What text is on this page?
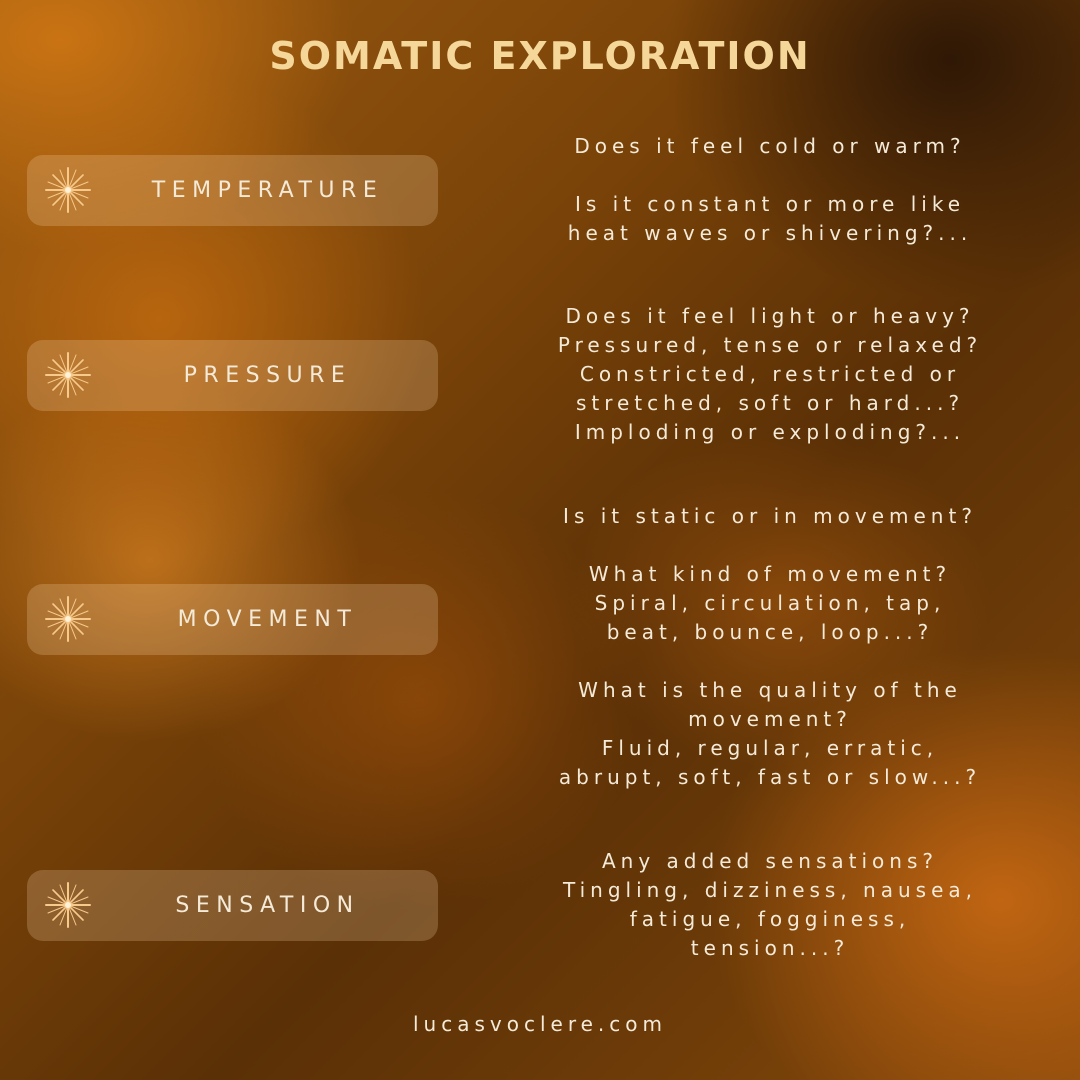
SOMATIC EXPLORATION
TEMPERATURE

Does it feel cold or warm?

Is it constant or more like

heat waves or shivering?...

PRESSURE

Does it feel light or heavy?

Pressured, tense or relaxed?

Constricted, restricted or

stretched, soft or hard...?

Imploding or exploding?...

MOVEMENT

Is it static or in movement?

What kind of movement?

Spiral, circulation, tap,

beat, bounce, loop...?

What is the quality of the

movement?

Fluid, regular, erratic,

abrupt, soft, fast or slow...?

SENSATION

Any added sensations?

Tingling, dizziness, nausea,

fatigue, fogginess,

tension...?

lucasvoclere.com
